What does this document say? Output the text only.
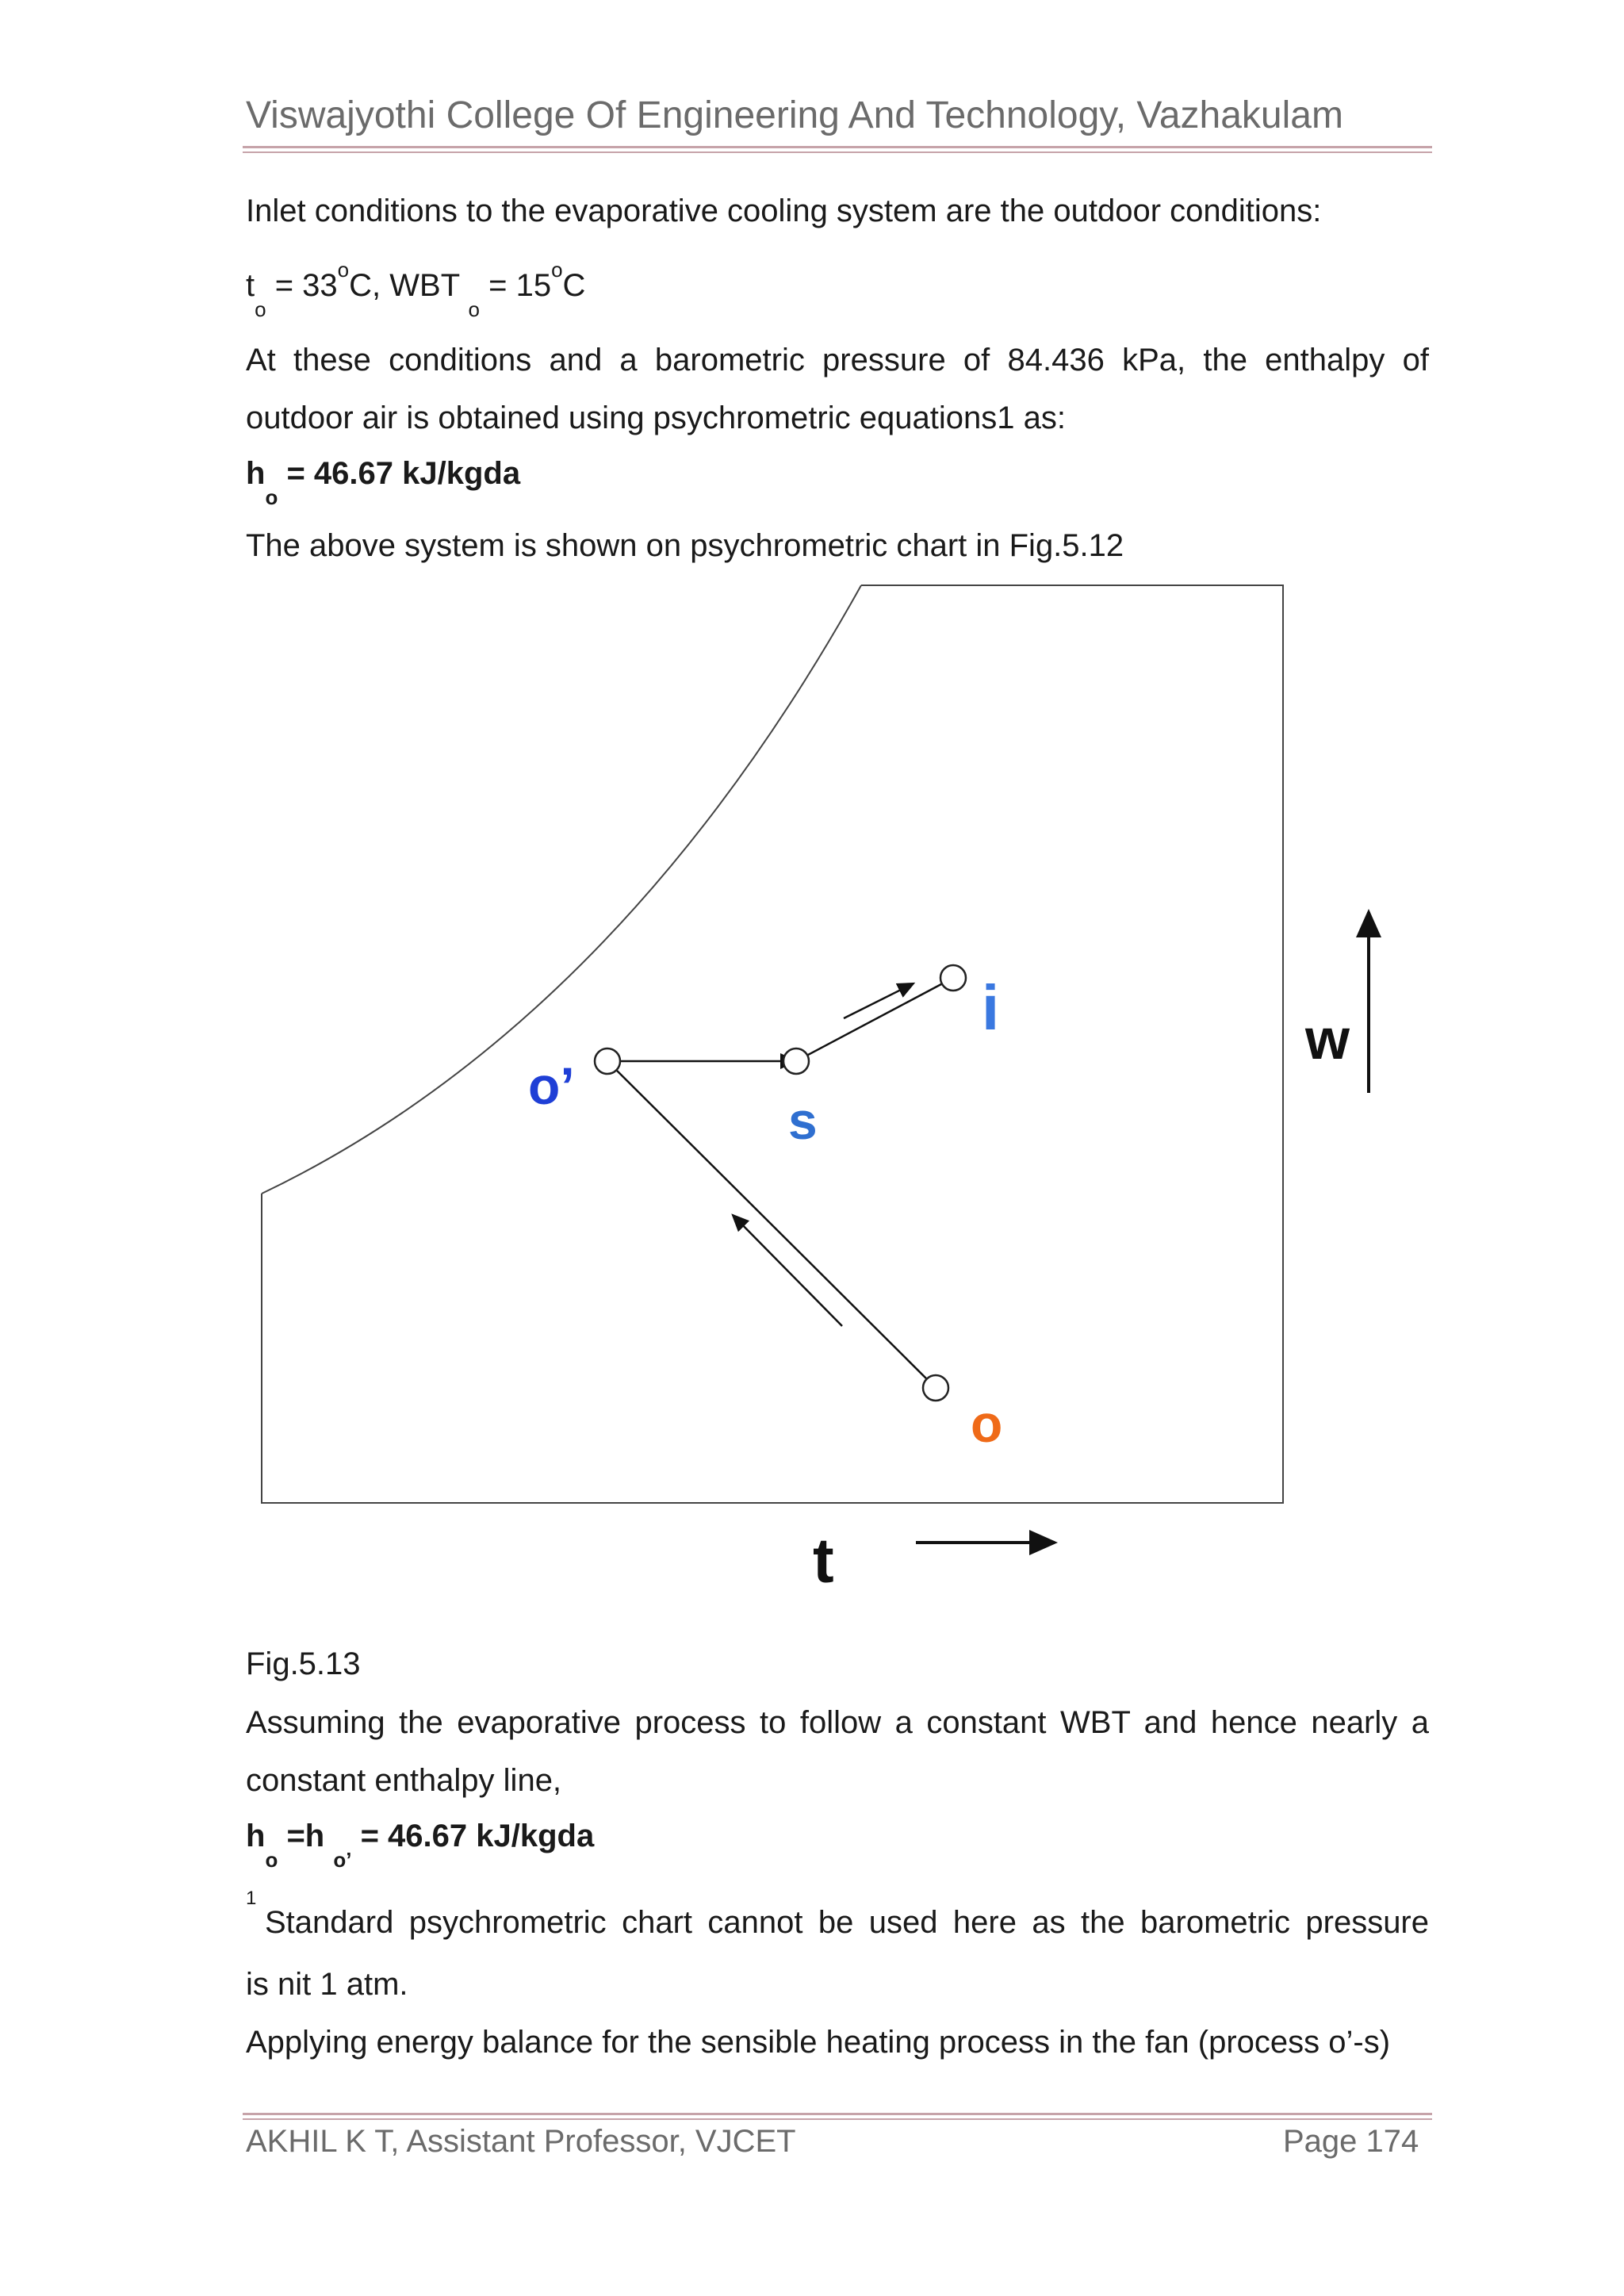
Viswajyothi College Of Engineering And Technology, Vazhakulam
Inlet conditions to the evaporative cooling system are the outdoor conditions:
$t_o = 33^oC$, WBT $_o = 15^oC$
At these conditions and a barometric pressure of 84.436 kPa, the enthalpy of
outdoor air is obtained using psychrometric equations1 as:
$h_o = 46.67$ kJ/kgda
The above system is shown on psychrometric chart in Fig.5.12
o’
s
i
o
w
t
Fig.5.13
Assuming the evaporative process to follow a constant WBT and hence nearly a
constant enthalpy line,
$h_o =h$ $_{o’}$ = 46.67 kJ/kgda
1
Standard psychrometric chart cannot be used here as the barometric pressure
is nit 1 atm.
Applying energy balance for the sensible heating process in the fan (process o’-s)
AKHIL K T, Assistant Professor, VJCET	Page 174
